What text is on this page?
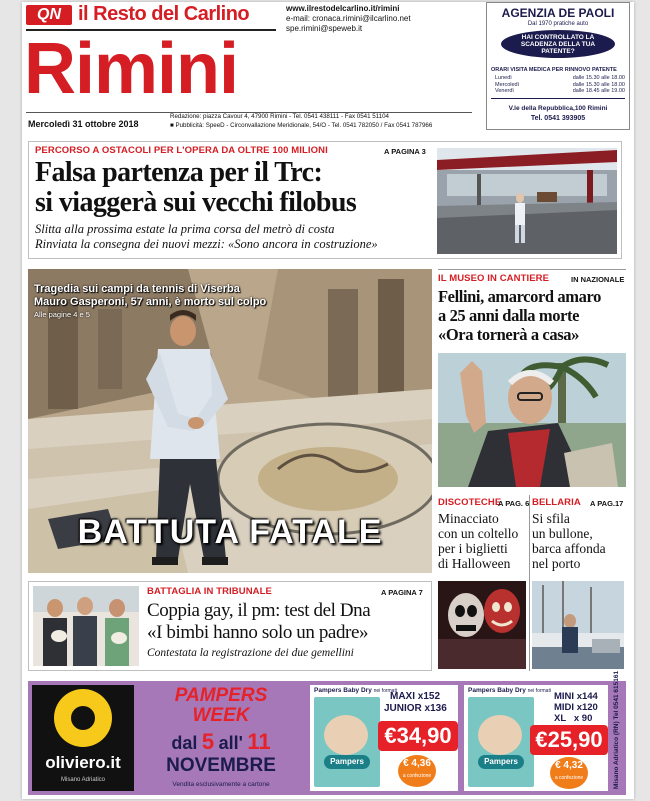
QN il Resto del Carlino	www.ilrestodelcarlino.it/rimini
e-mail: cronaca.rimini@ilcarlino.net
spe.rimini@speweb.it
Rimini
Mercoledì 31 ottobre 2018
Redazione: piazza Cavour 4, 47900 Rimini - Tel. 0541 438111 - Fax 0541 51104
■ Pubblicità: SpeeD - Circonvallazione Meridionale, 54/O - Tel. 0541 782050 / Fax 0541 787966
AGENZIA DE PAOLI
Dal 1970 pratiche auto
HAI CONTROLLATO LA SCADENZA DELLA TUA PATENTE?
ORARI VISITA MEDICA PER RINNOVO PATENTE
Lunedì	dalle 15.30 alle 18.00
Mercoledì	dalle 15.30 alle 18.00
Venerdì	dalle 18.45 alle 19.00
V.le della Repubblica,100 Rimini
Tel. 0541 393905
PERCORSO A OSTACOLI PER L'OPERA DA OLTRE 100 MILIONI	A PAGINA 3
Falsa partenza per il Trc:
si viaggerà sui vecchi filobus
Slitta alla prossima estate la prima corsa del metrò di costa
Rinviata la consegna dei nuovi mezzi: «Sono ancora in costruzione»
Tragedia sui campi da tennis di Viserba
Mauro Gasperoni, 57 anni, è morto sul colpo
Alle pagine 4 e 5
BATTUTA FATALE
IL MUSEO IN CANTIERE	IN NAZIONALE
Fellini, amarcord amaro
a 25 anni dalla morte
«Ora tornerà a casa»
DISCOTECHE
A PAG. 6
Minacciato
con un coltello
per i biglietti
di Halloween
BELLARIA A PAG.17
Si sfila
un bullone,
barca affonda
nel porto
BATTAGLIA IN TRIBUNALE	A PAGINA 7
Coppia gay, il pm: test del Dna
«I bimbi hanno solo un padre»
Contestata la registrazione dei due gemellini
oliviero.it
Misano Adriatico
PAMPERS
WEEK
dal 5 all' 11
NOVEMBRE
Vendita esclusivamente a cartone
Pampers Baby Dry nei formati
MAXI x152
JUNIOR x136
Pampers
€34,90
€ 4,36
a confezione
Pampers Baby Dry nei formati MINI x144
MIDI x120
XL   x 90
Pampers
€25,90
€ 4,32
a confezione	Misano Adriatico (RN) Tel 0541 615161
